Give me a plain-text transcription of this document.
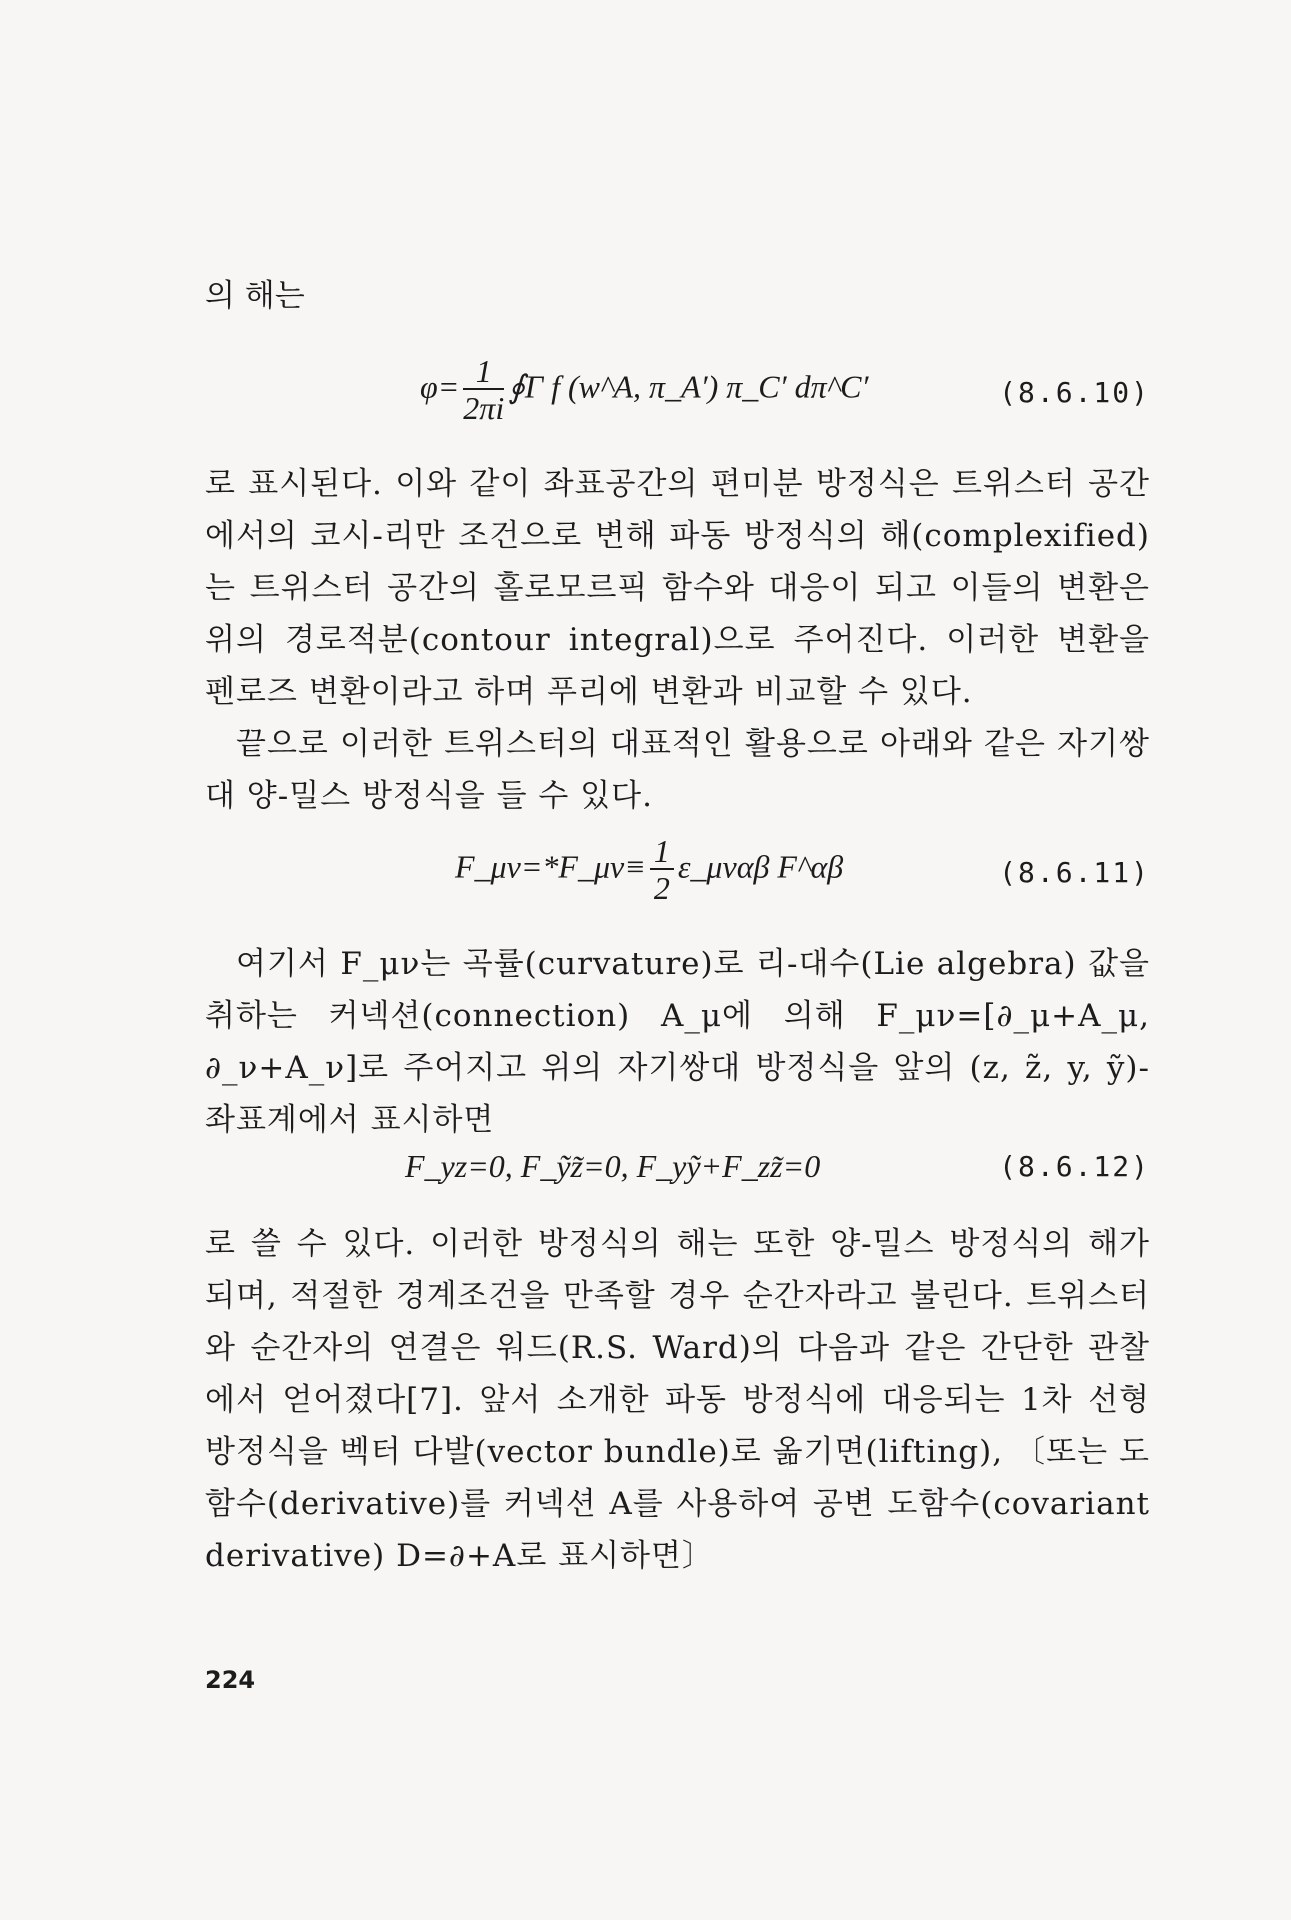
의 해는
$\varphi= \frac{1}{2\pi i}$ ∮Γ f (w^A, π_A′) π_C′ dπ^C′	(8.6.10)
로 표시된다. 이와 같이 좌표공간의 편미분 방정식은 트위스터 공간에서의 코시-리만 조건으로 변해 파동 방정식의 해(complexified)는 트위스터 공간의 홀로모르픽 함수와 대응이 되고 이들의 변환은 위의 경로적분(contour integral)으로 주어진다. 이러한 변환을 펜로즈 변환이라고 하며 푸리에 변환과 비교할 수 있다.
끝으로 이러한 트위스터의 대표적인 활용으로 아래와 같은 자기쌍대 양-밀스 방정식을 들 수 있다.
F_μν=*F_μν≡ $\frac{1}{2}$ ε_μναβ F^αβ	(8.6.11)
여기서 F_μν는 곡률(curvature)로 리-대수(Lie algebra) 값을 취하는 커넥션(connection) A_μ에 의해 F_μν=[∂_μ+A_μ, ∂_ν+A_ν]로 주어지고 위의 자기쌍대 방정식을 앞의 (z, z̃, y, ỹ)-좌표계에서 표시하면
F_yz=0, F_ỹz̃=0, F_yỹ+F_zz̃=0	(8.6.12)
로 쓸 수 있다. 이러한 방정식의 해는 또한 양-밀스 방정식의 해가 되며, 적절한 경계조건을 만족할 경우 순간자라고 불린다. 트위스터와 순간자의 연결은 워드(R.S. Ward)의 다음과 같은 간단한 관찰에서 얻어졌다[7]. 앞서 소개한 파동 방정식에 대응되는 1차 선형 방정식을 벡터 다발(vector bundle)로 옮기면(lifting), 〔또는 도함수(derivative)를 커넥션 A를 사용하여 공변 도함수(covariant derivative) D=∂+A로 표시하면〕
224
